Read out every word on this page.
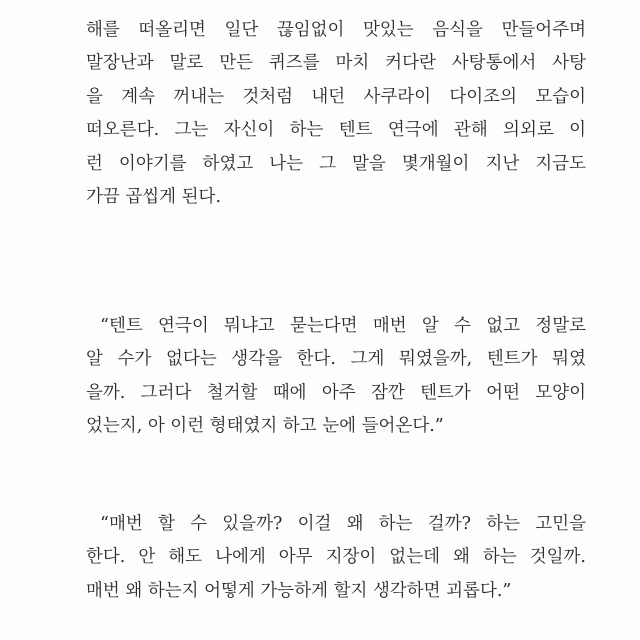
해를 떠올리면 일단 끊임없이 맛있는 음식을 만들어주며
말장난과 말로 만든 퀴즈를 마치 커다란 사탕통에서 사탕
을 계속 꺼내는 것처럼 내던 사쿠라이 다이조의 모습이
떠오른다. 그는 자신이 하는 텐트 연극에 관해 의외로 이
런 이야기를 하였고 나는 그 말을 몇개월이 지난 지금도
가끔 곱씹게 된다.
“텐트 연극이 뭐냐고 묻는다면 매번 알 수 없고 정말로
알 수가 없다는 생각을 한다. 그게 뭐였을까, 텐트가 뭐였
을까. 그러다 철거할 때에 아주 잠깐 텐트가 어떤 모양이
었는지, 아 이런 형태였지 하고 눈에 들어온다.”
“매번 할 수 있을까? 이걸 왜 하는 걸까? 하는 고민을
한다. 안 해도 나에게 아무 지장이 없는데 왜 하는 것일까.
매번 왜 하는지 어떻게 가능하게 할지 생각하면 괴롭다.”
